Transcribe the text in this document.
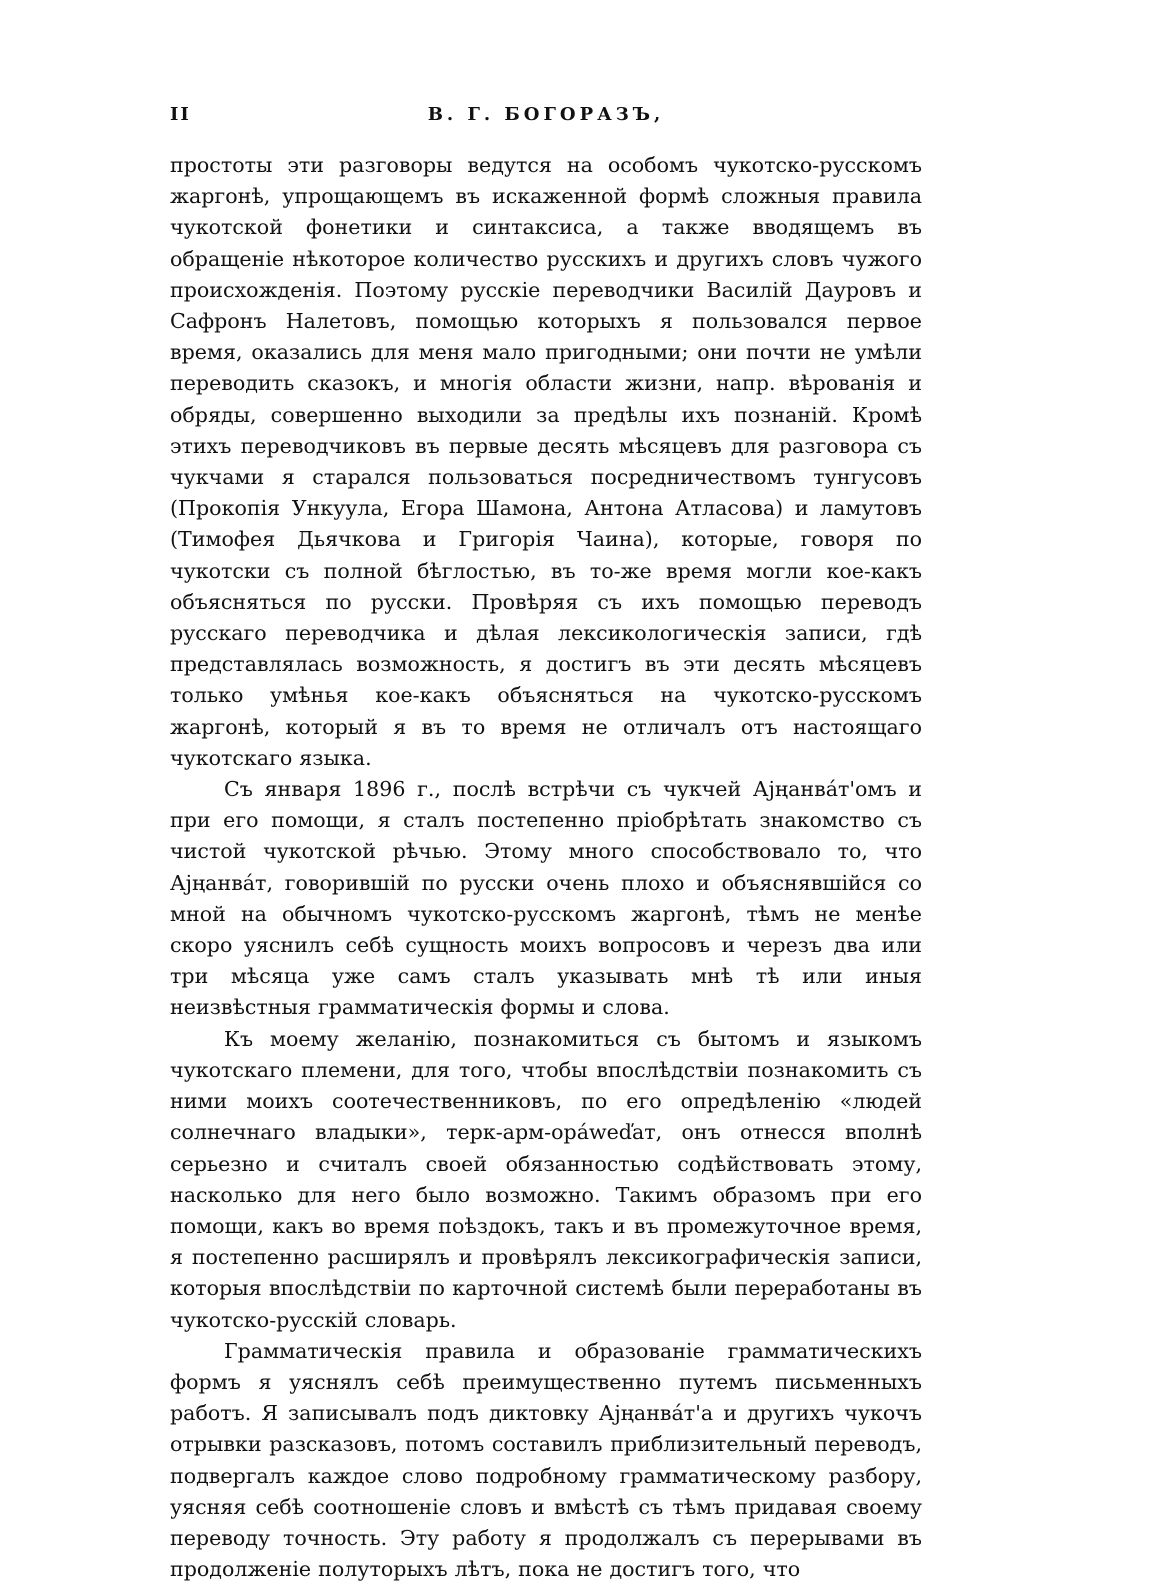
II	В. Г. БОГОРАЗЪ,

простоты эти разговоры ведутся на особомъ чукотско-русскомъ жаргонѣ, упрощающемъ въ искаженной формѣ сложныя правила чукотской фонетики и синтаксиса, а также вводящемъ въ обращеніе нѣкоторое количество русскихъ и другихъ словъ чужого происхожденія. Поэтому русскіе переводчики Василій Дауровъ и Сафронъ Налетовъ, помощью которыхъ я пользовался первое время, оказались для меня мало пригодными; они почти не умѣли переводить сказокъ, и многія области жизни, напр. вѣрованія и обряды, совершенно выходили за предѣлы ихъ познаній. Кромѣ этихъ переводчиковъ въ первые десять мѣсяцевъ для разговора съ чукчами я старался пользоваться посредничествомъ тунгусовъ (Прокопія Ункуула, Егора Шамона, Антона Атласова) и ламутовъ (Тимофея Дьячкова и Григорія Чаина), которые, говоря по чукотски съ полной бѣглостью, въ то-же время могли кое-какъ объясняться по русски. Провѣряя съ ихъ помощью переводъ русскаго переводчика и дѣлая лексикологическія записи, гдѣ представлялась возможность, я достигъ въ эти десять мѣсяцевъ только умѣнья кое-какъ объясняться на чукотско-русскомъ жаргонѣ, который я въ то время не отличалъ отъ настоящаго чукотскаго языка.

Съ января 1896 г., послѣ встрѣчи съ чукчей Аjңанвáт'омъ и при его помощи, я сталъ постепенно пріобрѣтать знакомство съ чистой чукотской рѣчью. Этому много способствовало то, что Аjңанвáт, говорившій по русски очень плохо и объяснявшійся со мной на обычномъ чукотско-русскомъ жаргонѣ, тѣмъ не менѣе скоро уяснилъ себѣ сущность моихъ вопросовъ и черезъ два или три мѣсяца уже самъ сталъ указывать мнѣ тѣ или иныя неизвѣстныя грамматическія формы и слова.

Къ моему желанію, познакомиться съ бытомъ и языкомъ чукотскаго племени, для того, чтобы впослѣдствіи познакомить съ ними моихъ соотечественниковъ, по его опредѣленію «людей солнечнаго владыки», терк-арм-ора́weďат, онъ отнесся вполнѣ серьезно и считалъ своей обязанностью содѣйствовать этому, насколько для него было возможно. Такимъ образомъ при его помощи, какъ во время поѣздокъ, такъ и въ промежуточное время, я постепенно расширялъ и провѣрялъ лексикографическія записи, которыя впослѣдствіи по карточной системѣ были переработаны въ чукотско-русскій словарь.

Грамматическія правила и образованіе грамматическихъ формъ я уяснялъ себѣ преимущественно путемъ письменныхъ работъ. Я записывалъ подъ диктовку Аjңанвáт'а и другихъ чукочъ отрывки разсказовъ, потомъ составилъ приблизительный переводъ, подвергалъ каждое слово подробному грамматическому разбору, уясняя себѣ соотношеніе словъ и вмѣстѣ съ тѣмъ придавая своему переводу точность. Эту работу я продолжалъ съ перерывами въ продолженіе полуторыхъ лѣтъ, пока не достигъ того, что
